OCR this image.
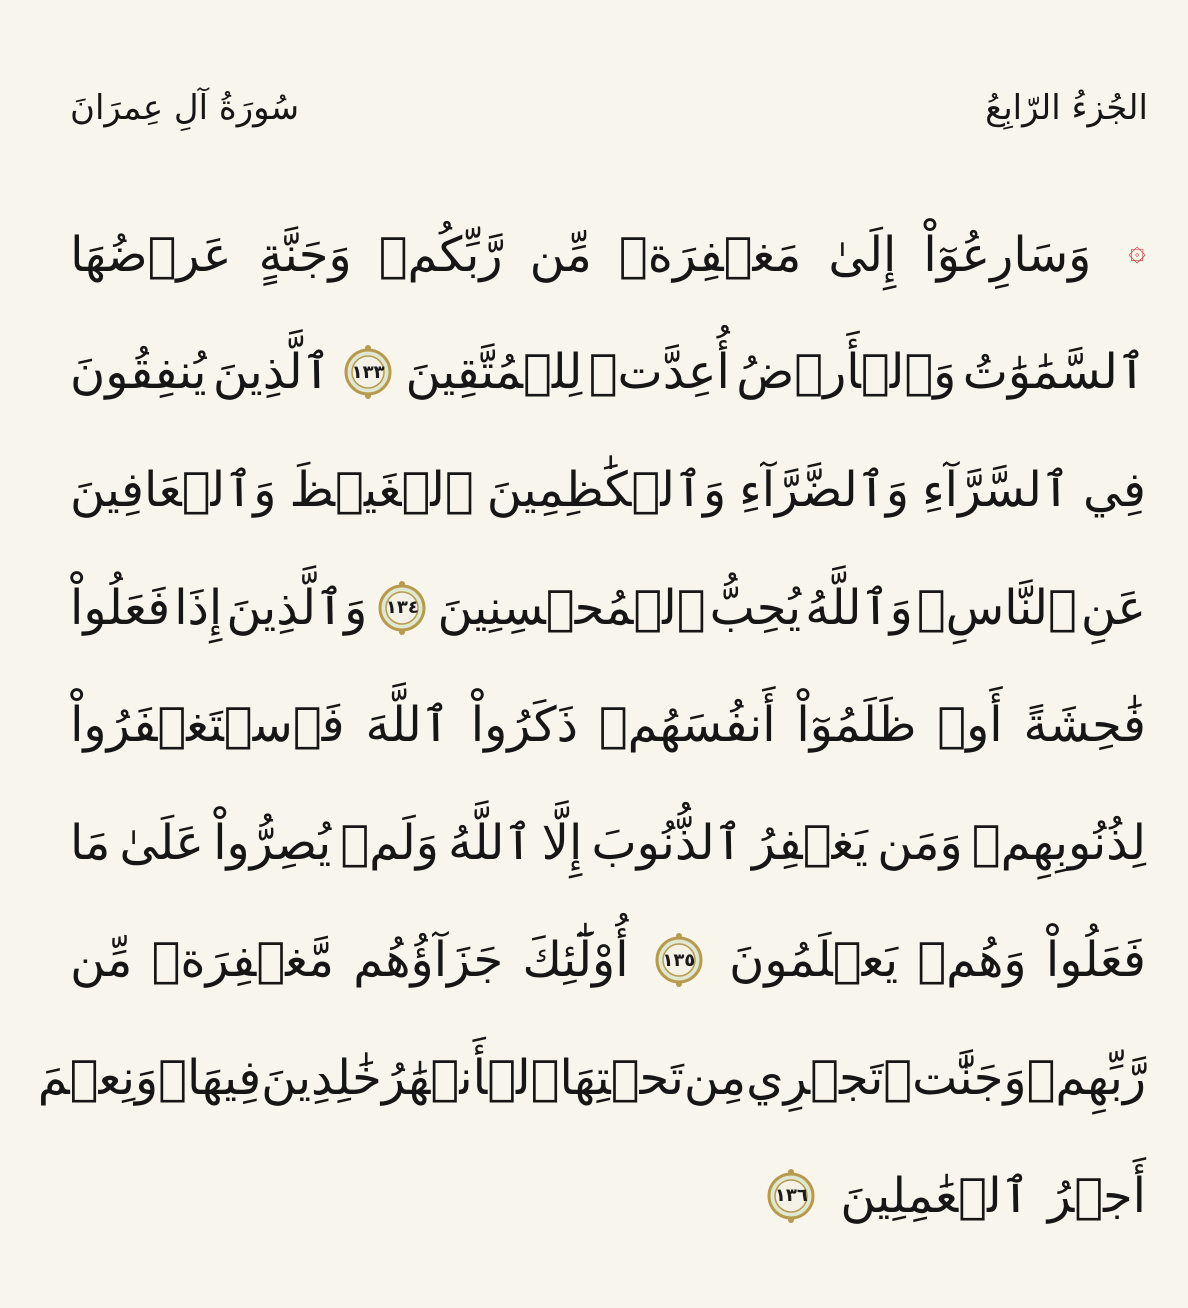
الجُزءُ الرّابِعُ
سُورَةُ آلِ عِمرَانَ
۞
وَسَارِعُوٓاْ
إِلَىٰ
مَغۡفِرَةٖ
مِّن
رَّبِّكُمۡ
وَجَنَّةٍ
عَرۡضُهَا
ٱلسَّمَٰوَٰتُ
وَٱلۡأَرۡضُ
أُعِدَّتۡ
لِلۡمُتَّقِينَ
١٣٣
ٱلَّذِينَ
يُنفِقُونَ
فِي
ٱلسَّرَّآءِ
وَٱلضَّرَّآءِ
وَٱلۡكَٰظِمِينَ
ٱلۡغَيۡظَ
وَٱلۡعَافِينَ
عَنِ
ٱلنَّاسِۗ
وَٱللَّهُ
يُحِبُّ
ٱلۡمُحۡسِنِينَ
١٣٤
وَٱلَّذِينَ
إِذَا
فَعَلُواْ
فَٰحِشَةً
أَوۡ
ظَلَمُوٓاْ
أَنفُسَهُمۡ
ذَكَرُواْ
ٱللَّهَ
فَٱسۡتَغۡفَرُواْ
لِذُنُوبِهِمۡ
وَمَن
يَغۡفِرُ
ٱلذُّنُوبَ
إِلَّا
ٱللَّهُ
وَلَمۡ
يُصِرُّواْ
عَلَىٰ
مَا
فَعَلُواْ
وَهُمۡ
يَعۡلَمُونَ
١٣٥
أُوْلَٰٓئِكَ
جَزَآؤُهُم
مَّغۡفِرَةٞ
مِّن
رَّبِّهِمۡ
وَجَنَّٰتٞ
تَجۡرِي
مِن
تَحۡتِهَا
ٱلۡأَنۡهَٰرُ
خَٰلِدِينَ
فِيهَاۚ
وَنِعۡمَ
أَجۡرُ
ٱلۡعَٰمِلِينَ
١٣٦
